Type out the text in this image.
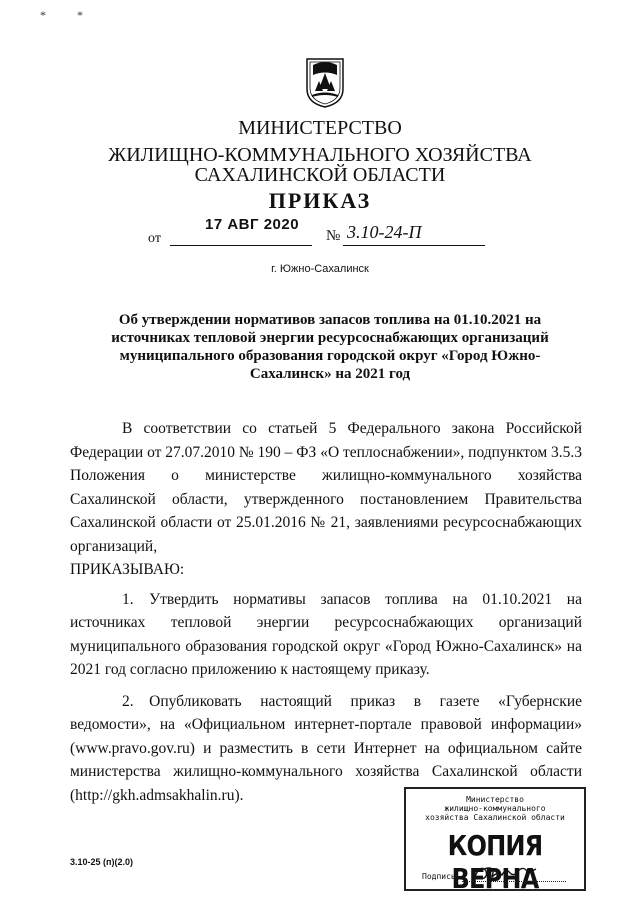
* *
МИНИСТЕРСТВО
ЖИЛИЩНО-КОММУНАЛЬНОГО ХОЗЯЙСТВА
САХАЛИНСКОЙ ОБЛАСТИ
ПРИКАЗ
от
17 АВГ 2020
№ 3.10-24-П
г. Южно-Сахалинск
Об утверждении нормативов запасов топлива на 01.10.2021 на источниках тепловой энергии ресурсоснабжающих организаций муниципального образования городской округ «Город Южно-Сахалинск» на 2021 год

В соответствии со статьей 5 Федерального закона Российской Федерации от 27.07.2010 № 190 – ФЗ «О теплоснабжении», подпунктом 3.5.3 Положения о министерстве жилищно-коммунального хозяйства Сахалинской области, утвержденного постановлением Правительства Сахалинской области от 25.01.2016 № 21, заявлениями ресурсоснабжающих организаций,

ПРИКАЗЫВАЮ:

1. Утвердить нормативы запасов топлива на 01.10.2021 на источниках тепловой энергии ресурсоснабжающих организаций муниципального образования городской округ «Город Южно-Сахалинск» на 2021 год согласно приложению к настоящему приказу.

2. Опубликовать настоящий приказ в газете «Губернские ведомости», на «Официальном интернет-портале правовой информации» (www.pravo.gov.ru) и разместить в сети Интернет на официальном сайте министерства жилищно-коммунального хозяйства Сахалинской области (http://gkh.admsakhalin.ru).

3.10-25 (п)(2.0)
Министерство
жилищно-коммунального
хозяйства Сахалинской области
КОПИЯ ВЕРНА
Подпись
